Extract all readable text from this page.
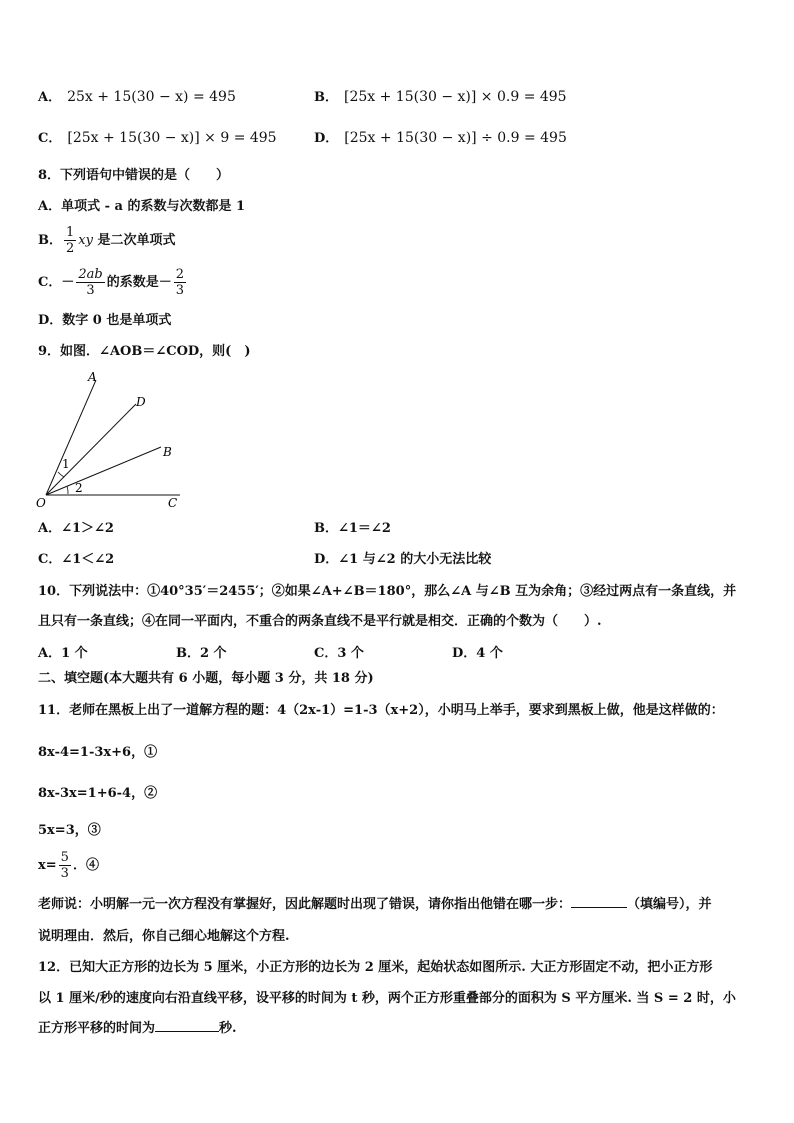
A． 25x + 15(30 − x) = 495	B． [25x + 15(30 − x)] × 0.9 = 495
C． [25x + 15(30 − x)] × 9 = 495	D． [25x + 15(30 − x)] ÷ 0.9 = 495
8．下列语句中错误的是（　　）
A．单项式 - a 的系数与次数都是 1
B． $\frac{1}{2}$ xy 是二次单项式
C．－ $\frac{2ab}{3}$ 的系数是－ $\frac{2}{3}$
D．数字 0 也是单项式
9．如图．∠AOB＝∠COD，则(　)
A
D
B
O	C
1
2
A．∠1＞∠2	B．∠1＝∠2
C．∠1＜∠2	D．∠1 与∠2 的大小无法比较
10．下列说法中：①40°35′＝2455′；②如果∠A+∠B＝180°，那么∠A 与∠B 互为余角；③经过两点有一条直线，并
且只有一条直线；④在同一平面内，不重合的两条直线不是平行就是相交．正确的个数为（　　）.
A．1 个	B．2 个	C．3 个	D．4 个
二、填空题(本大题共有 6 小题，每小题 3 分，共 18 分)
11．老师在黑板上出了一道解方程的题：4（2x-1）=1-3（x+2），小明马上举手，要求到黑板上做，他是这样做的：
8x-4=1-3x+6，①
8x-3x=1+6-4，②
5x=3，③
$x= \frac{5}{3}$ ．④
老师说：小明解一元一次方程没有掌握好，因此解题时出现了错误，请你指出他错在哪一步：	（填编号），并
说明理由．然后，你自己细心地解这个方程.
12．已知大正方形的边长为 5 厘米，小正方形的边长为 2 厘米，起始状态如图所示. 大正方形固定不动，把小正方形
以 1 厘米/秒的速度向右沿直线平移，设平移的时间为 t 秒，两个正方形重叠部分的面积为 S 平方厘米. 当 S = 2 时，小
正方形平移的时间为	秒.
